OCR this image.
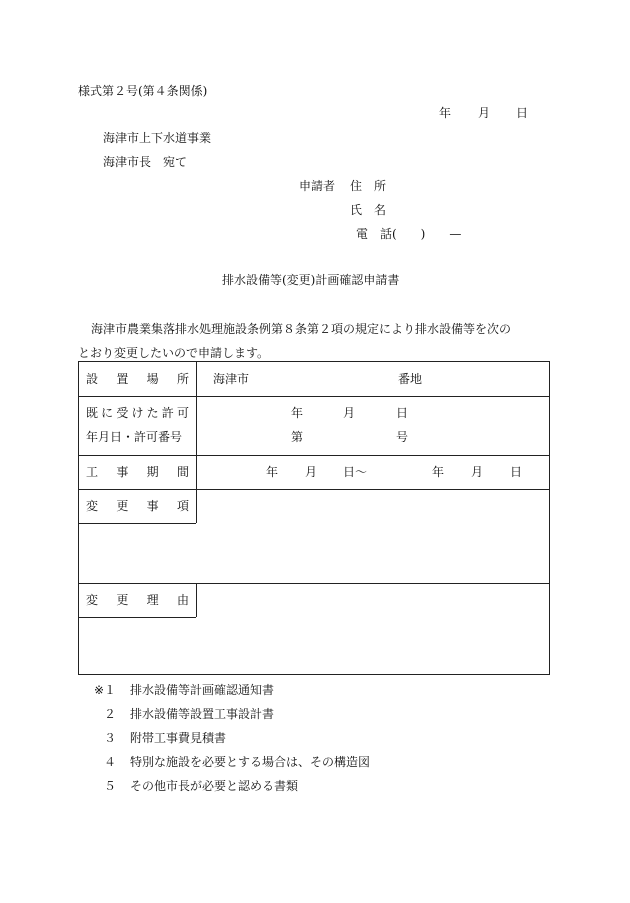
様式第２号(第４条関係)
年 月 日
海津市上下水道事業
海津市長　宛て
申請者 住 所
氏 名
電 話 (　　)　　—
排水設備等(変更)計画確認申請書
海津市農業集落排水処理施設条例第８条第２項の規定により排水設備等を次の
とおり変更したいので申請します。
設 置 場 所 海津市	番地
既 に 受 け た 許 可
年月日・許可番号
年	月	日
第	号
工 事 期 間	年 月 日〜	年 月 日
変 更 事 項
変 更 理 由
※１ 排水設備等計画確認通知書
２ 排水設備等設置工事設計書
３ 附帯工事費見積書
４ 特別な施設を必要とする場合は、その構造図
５ その他市長が必要と認める書類
